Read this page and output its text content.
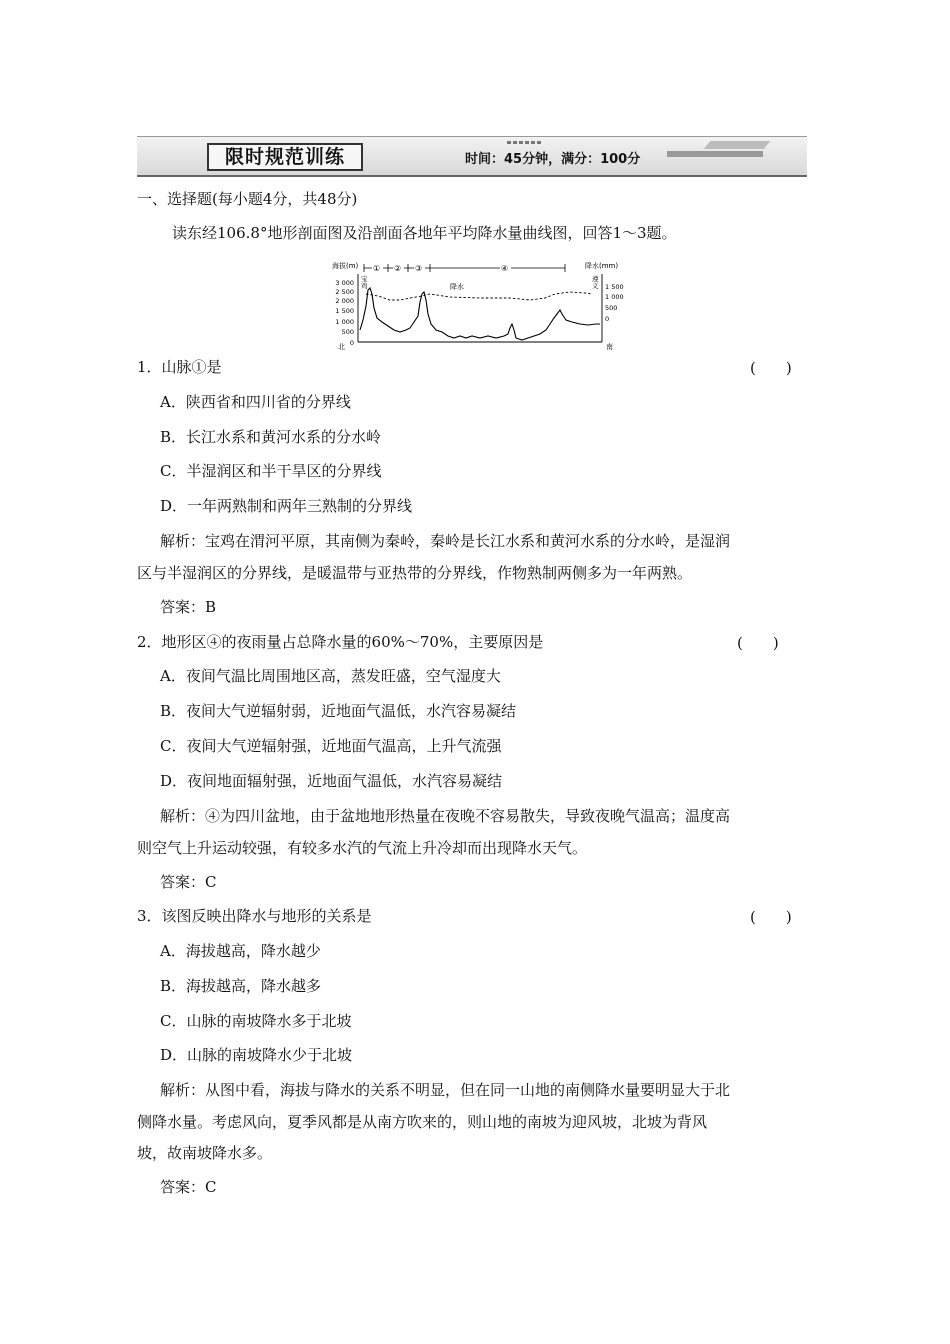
限时规范训练	时间：45分钟，满分：100分
一、选择题(每小题4分，共48分)
读东经106.8°地形剖面图及沿剖面各地年平均降水量曲线图，回答1～3题。
海拔(m)	降水(mm)
① ② ③	④
3 000
2 500
2 000
1 500
1 000
500
0
1 500
1 000
500
0
宝
鸡
遵
义
降水
北	南
1．山脉①是	(　　)
A．陕西省和四川省的分界线
B．长江水系和黄河水系的分水岭
C．半湿润区和半干旱区的分界线
D．一年两熟制和两年三熟制的分界线
解析：宝鸡在渭河平原，其南侧为秦岭，秦岭是长江水系和黄河水系的分水岭，是湿润
区与半湿润区的分界线，是暖温带与亚热带的分界线，作物熟制两侧多为一年两熟。
答案：B
2．地形区④的夜雨量占总降水量的60%～70%，主要原因是	(　　)
A．夜间气温比周围地区高，蒸发旺盛，空气湿度大
B．夜间大气逆辐射弱，近地面气温低，水汽容易凝结
C．夜间大气逆辐射强，近地面气温高，上升气流强
D．夜间地面辐射强，近地面气温低，水汽容易凝结
解析：④为四川盆地，由于盆地地形热量在夜晚不容易散失，导致夜晚气温高；温度高
则空气上升运动较强，有较多水汽的气流上升冷却而出现降水天气。
答案：C
3．该图反映出降水与地形的关系是	(　　)
A．海拔越高，降水越少
B．海拔越高，降水越多
C．山脉的南坡降水多于北坡
D．山脉的南坡降水少于北坡
解析：从图中看，海拔与降水的关系不明显，但在同一山地的南侧降水量要明显大于北
侧降水量。考虑风向，夏季风都是从南方吹来的，则山地的南坡为迎风坡，北坡为背风
坡，故南坡降水多。
答案：C
